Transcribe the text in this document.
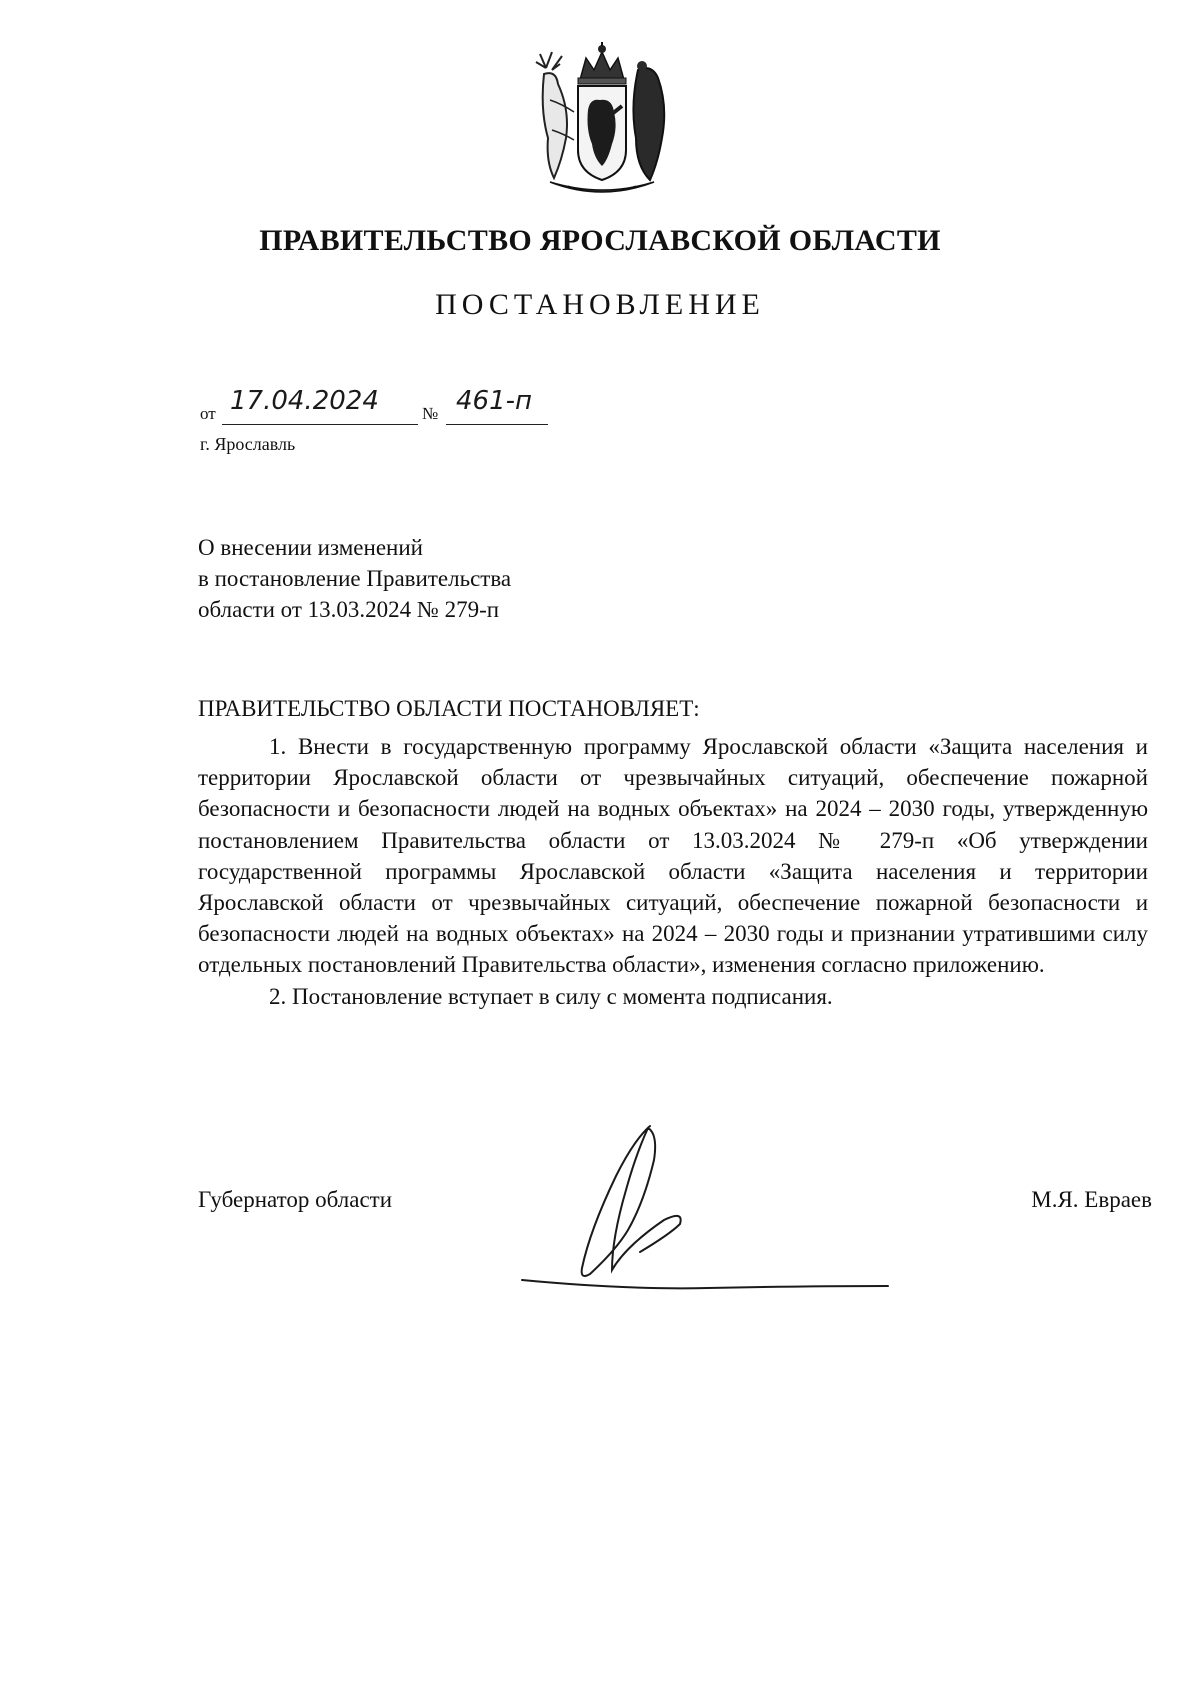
ПРАВИТЕЛЬСТВО ЯРОСЛАВСКОЙ ОБЛАСТИ
ПОСТАНОВЛЕНИЕ
от 17.04.2024	№ 461-п
г. Ярославль
О внесении изменений
в постановление Правительства
области от 13.03.2024 № 279-п
ПРАВИТЕЛЬСТВО ОБЛАСТИ ПОСТАНОВЛЯЕТ:

1. Внести в государственную программу Ярославской области «Защита населения и территории Ярославской области от чрезвычайных ситуаций, обеспечение пожарной безопасности и безопасности людей на водных объектах» на 2024 – 2030 годы, утвержденную постановлением Правительства области от 13.03.2024 № 279-п «Об утверждении государственной программы Ярославской области «Защита населения и территории Ярославской области от чрезвычайных ситуаций, обеспечение пожарной безопасности и безопасности людей на водных объектах» на 2024 – 2030 годы и признании утратившими силу отдельных постановлений Правительства области», изменения согласно приложению.

2. Постановление вступает в силу с момента подписания.

Губернатор области	М.Я. Евраев
